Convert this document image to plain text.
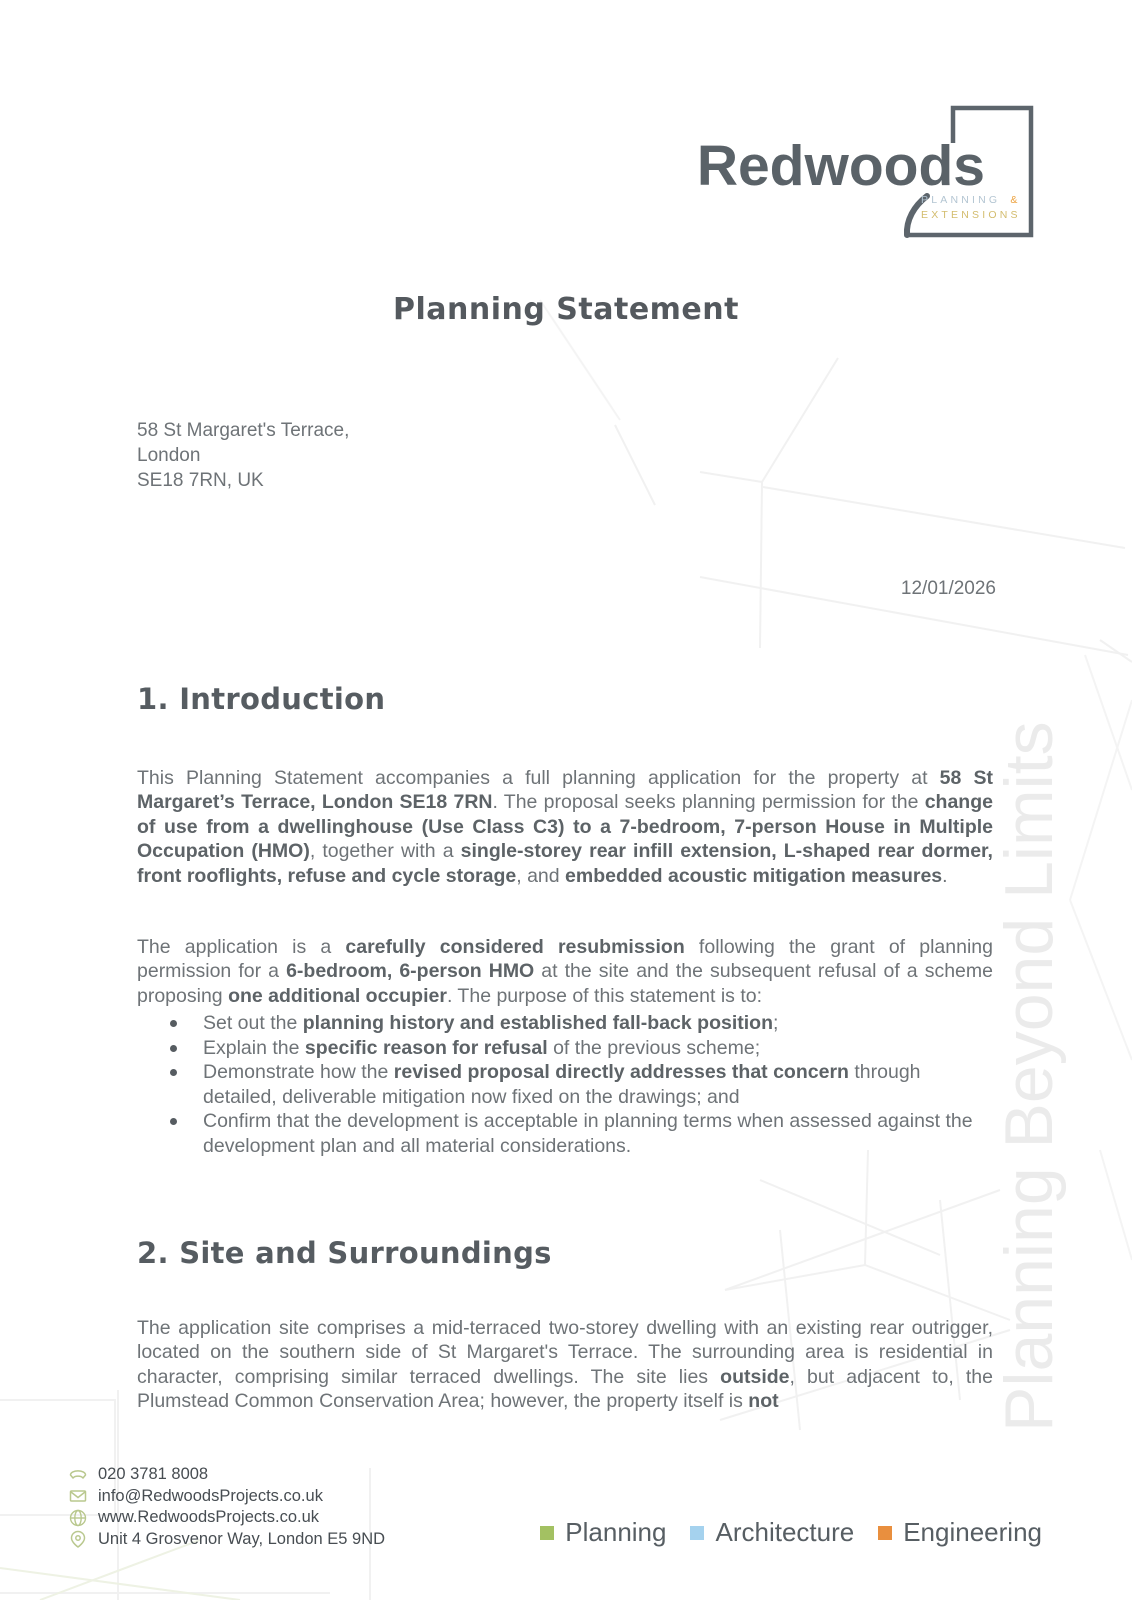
Planning Beyond Limits
Redwoods
PLANNING &
EXTENSIONS
Planning Statement
58 St Margaret's Terrace,
London
SE18 7RN, UK
12/01/2026
1. Introduction

This Planning Statement accompanies a full planning application for the property at 58 St Margaret’s Terrace, London SE18 7RN. The proposal seeks planning permission for the change of use from a dwellinghouse (Use Class C3) to a 7-bedroom, 7-person House in Multiple Occupation (HMO), together with a single-storey rear infill extension, L-shaped rear dormer, front rooflights, refuse and cycle storage, and embedded acoustic mitigation measures.

The application is a carefully considered resubmission following the grant of planning permission for a 6-bedroom, 6-person HMO at the site and the subsequent refusal of a scheme proposing one additional occupier. The purpose of this statement is to:

Set out the planning history and established fall-back position;
Explain the specific reason for refusal of the previous scheme;
Demonstrate how the revised proposal directly addresses that concern through detailed, deliverable mitigation now fixed on the drawings; and
Confirm that the development is acceptable in planning terms when assessed against the development plan and all material considerations.
2. Site and Surroundings

The application site comprises a mid-terraced two-storey dwelling with an existing rear outrigger, located on the southern side of St Margaret's Terrace. The surrounding area is residential in character, comprising similar terraced dwellings. The site lies outside, but adjacent to, the Plumstead Common Conservation Area; however, the property itself is not

020 3781 8008
info@RedwoodsProjects.co.uk
www.RedwoodsProjects.co.uk
Unit 4 Grosvenor Way, London E5 9ND	Planning Architecture Engineering
